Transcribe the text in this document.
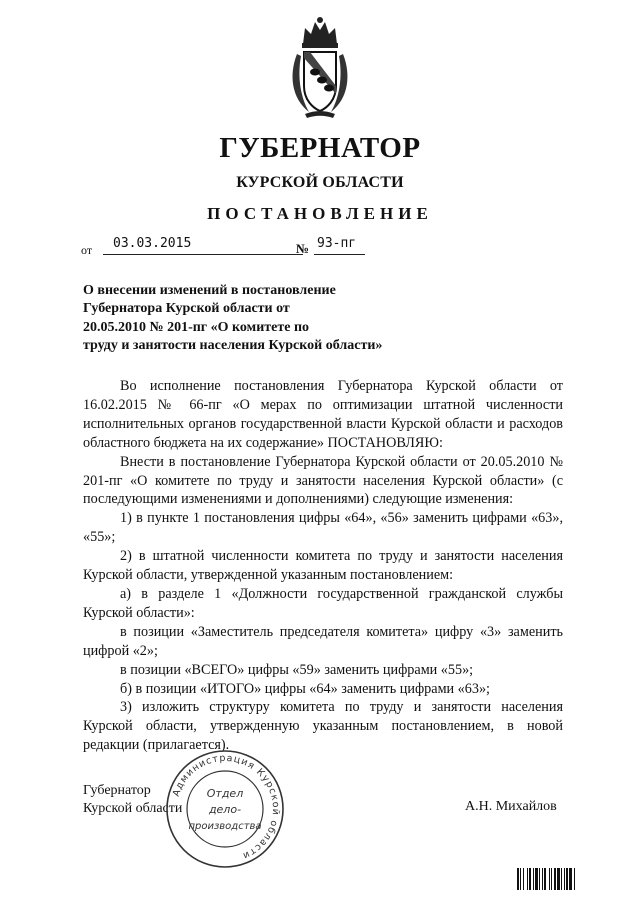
ГУБЕРНАТОР
КУРСКОЙ ОБЛАСТИ
ПОСТАНОВЛЕНИЕ
от	03.03.2015	№ 93-пг
О внесении изменений в постановление
Губернатора Курской области от
20.05.2010 № 201-пг «О комитете по
труду и занятости населения Курской области»

Во исполнение постановления Губернатора Курской области от 16.02.2015 № 66-пг «О мерах по оптимизации штатной численности исполнительных органов государственной власти Курской области и расходов областного бюджета на их содержание» ПОСТАНОВЛЯЮ:

Внести в постановление Губернатора Курской области от 20.05.2010 № 201-пг «О комитете по труду и занятости населения Курской области» (с последующими изменениями и дополнениями) следующие изменения:

1) в пункте 1 постановления цифры «64», «56» заменить цифрами «63», «55»;

2) в штатной численности комитета по труду и занятости населения Курской области, утвержденной указанным постановлением:

а) в разделе 1 «Должности государственной гражданской службы Курской области»:

в позиции «Заместитель председателя комитета» цифру «3» заменить цифрой «2»;

в позиции «ВСЕГО» цифры «59» заменить цифрами «55»;

б) в позиции «ИТОГО» цифры «64» заменить цифрами «63»;

3) изложить структуру комитета по труду и занятости населения Курской области, утвержденную указанным постановлением, в новой редакции (прилагается).

Губернатор
Курской области	А.Н. Михайлов
Администрация Курской области
Отдел
дело-
производства
